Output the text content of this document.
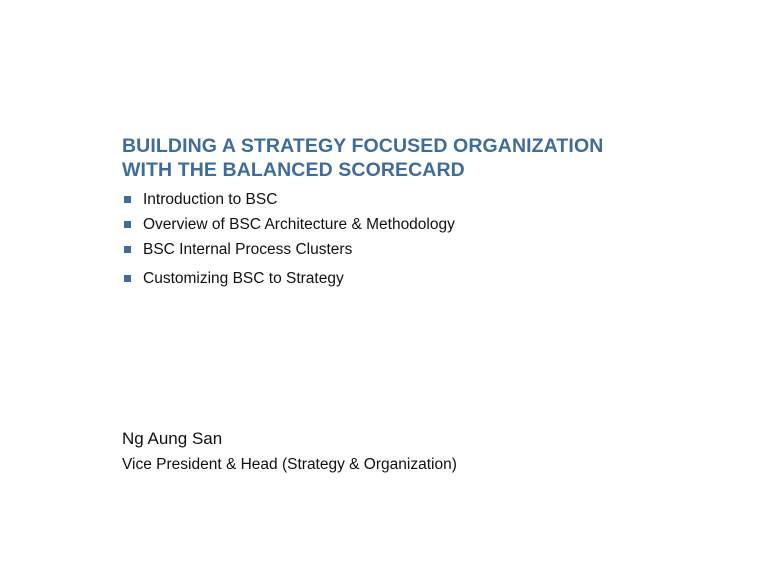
BUILDING A STRATEGY FOCUSED ORGANIZATION
WITH THE BALANCED SCORECARD
Introduction to BSC
Overview of BSC Architecture & Methodology
BSC Internal Process Clusters
Customizing BSC to Strategy

Ng Aung San

Vice President & Head (Strategy & Organization)
